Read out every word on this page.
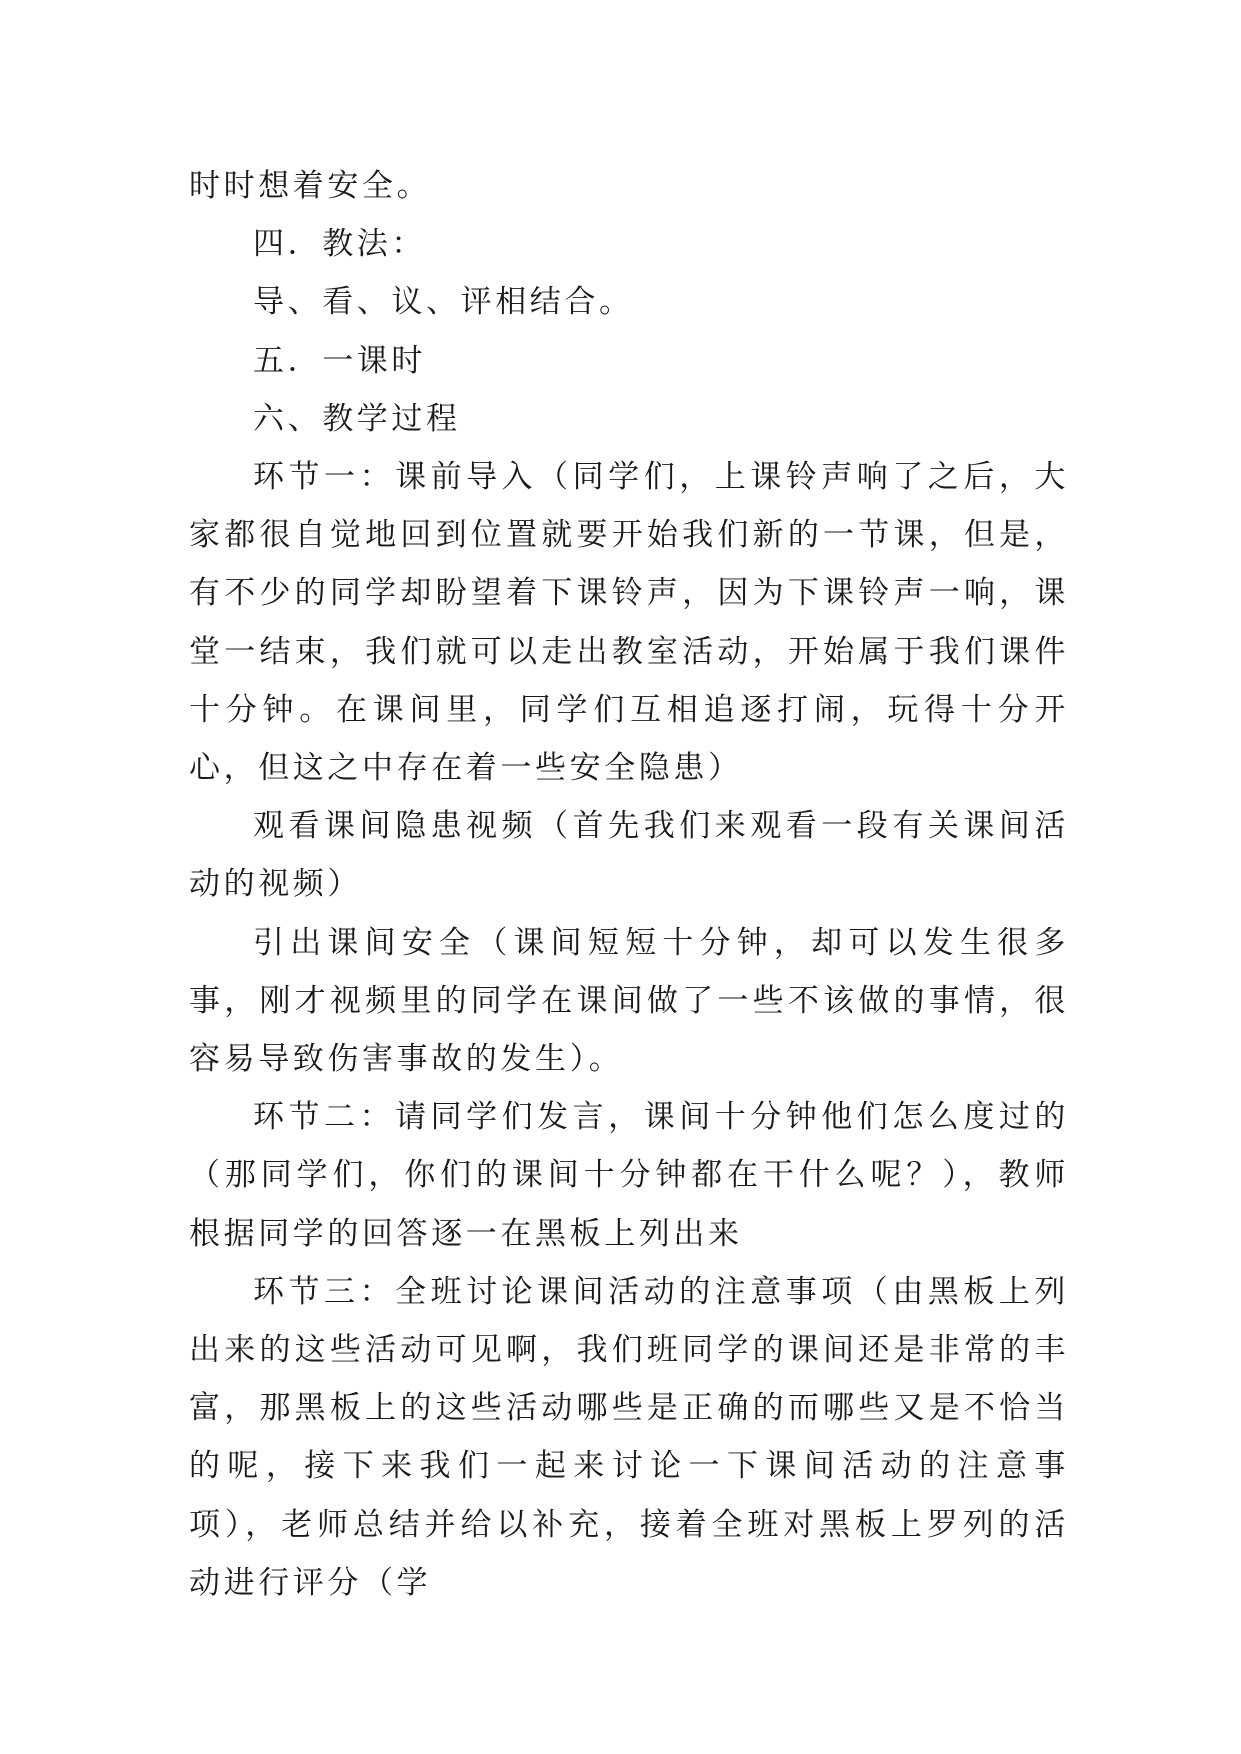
时时想着安全。

四．教法：

导、看、议、评相结合。

五．一课时

六、教学过程

环节一：课前导入（同学们，上课铃声响了之后，大家都很自觉地回到位置就要开始我们新的一节课，但是，有不少的同学却盼望着下课铃声，因为下课铃声一响，课堂一结束，我们就可以走出教室活动，开始属于我们课件十分钟。在课间里，同学们互相追逐打闹，玩得十分开心，但这之中存在着一些安全隐患）

观看课间隐患视频（首先我们来观看一段有关课间活动的视频）

引出课间安全（课间短短十分钟，却可以发生很多事，刚才视频里的同学在课间做了一些不该做的事情，很容易导致伤害事故的发生）。

环节二：请同学们发言，课间十分钟他们怎么度过的（那同学们，你们的课间十分钟都在干什么呢？），教师根据同学的回答逐一在黑板上列出来

环节三：全班讨论课间活动的注意事项（由黑板上列出来的这些活动可见啊，我们班同学的课间还是非常的丰富，那黑板上的这些活动哪些是正确的而哪些又是不恰当的呢，接下来我们一起来讨论一下课间活动的注意事项），老师总结并给以补充，接着全班对黑板上罗列的活动进行评分（学
